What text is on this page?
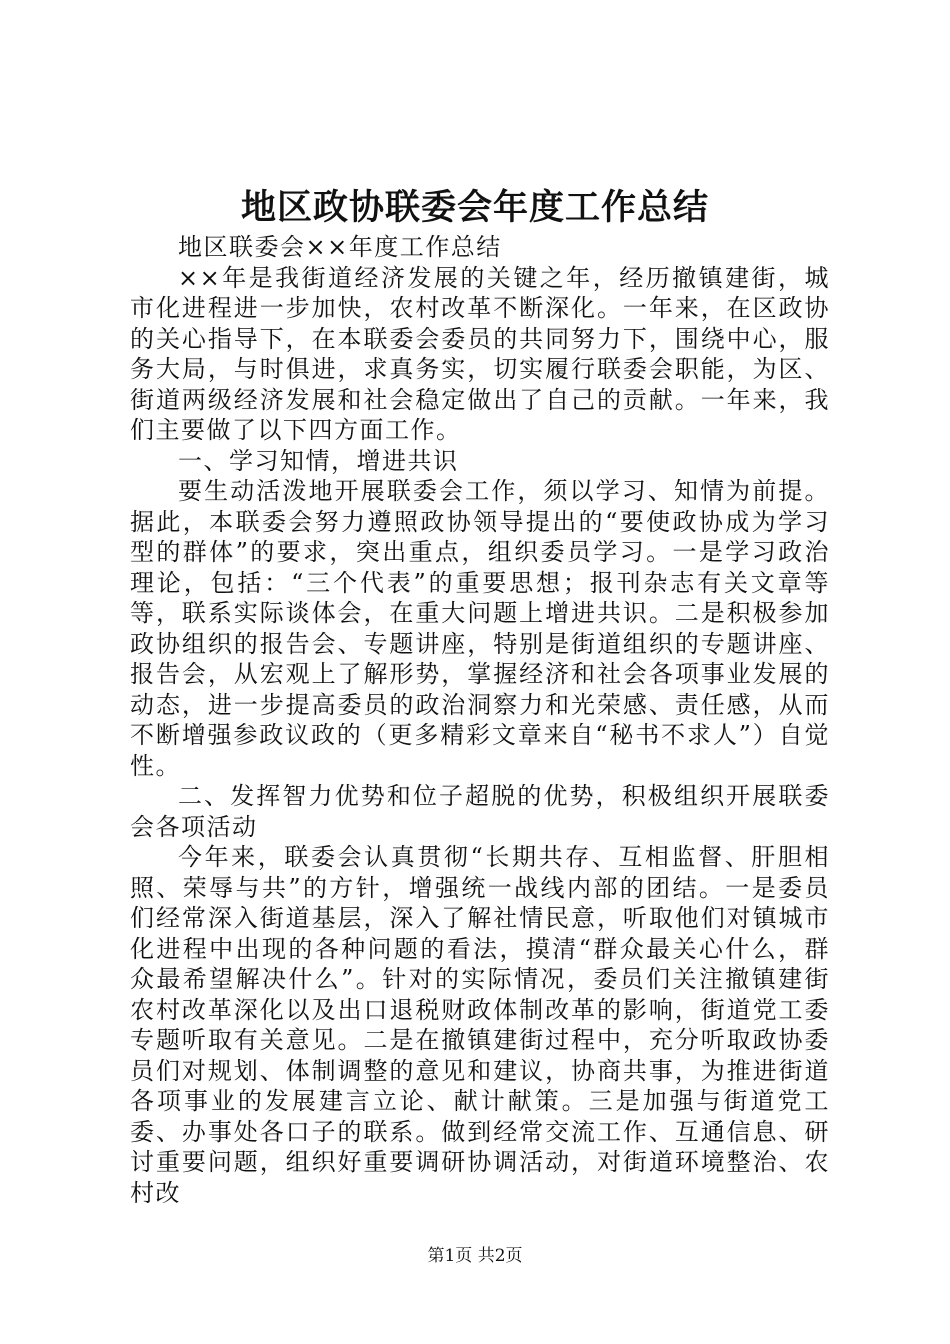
地区政协联委会年度工作总结

地区联委会××年度工作总结

××年是我街道经济发展的关键之年，经历撤镇建街，城市化进程进一步加快，农村改革不断深化。一年来，在区政协的关心指导下，在本联委会委员的共同努力下，围绕中心，服务大局，与时俱进，求真务实，切实履行联委会职能，为区、街道两级经济发展和社会稳定做出了自己的贡献。一年来，我们主要做了以下四方面工作。

一、学习知情，增进共识

要生动活泼地开展联委会工作，须以学习、知情为前提。据此，本联委会努力遵照政协领导提出的“要使政协成为学习型的群体”的要求，突出重点，组织委员学习。一是学习政治理论，包括：“三个代表”的重要思想；报刊杂志有关文章等等，联系实际谈体会，在重大问题上增进共识。二是积极参加政协组织的报告会、专题讲座，特别是街道组织的专题讲座、报告会，从宏观上了解形势，掌握经济和社会各项事业发展的动态，进一步提高委员的政治洞察力和光荣感、责任感，从而不断增强参政议政的（更多精彩文章来自“秘书不求人”）自觉性。

二、发挥智力优势和位子超脱的优势，积极组织开展联委会各项活动

今年来，联委会认真贯彻“长期共存、互相监督、肝胆相照、荣辱与共”的方针，增强统一战线内部的团结。一是委员们经常深入街道基层，深入了解社情民意，听取他们对镇城市化进程中出现的各种问题的看法，摸清“群众最关心什么，群众最希望解决什么”。针对的实际情况，委员们关注撤镇建街农村改革深化以及出口退税财政体制改革的影响，街道党工委专题听取有关意见。二是在撤镇建街过程中，充分听取政协委员们对规划、体制调整的意见和建议，协商共事，为推进街道各项事业的发展建言立论、献计献策。三是加强与街道党工委、办事处各口子的联系。做到经常交流工作、互通信息、研讨重要问题，组织好重要调研协调活动，对街道环境整治、农村改

第1页 共2页
